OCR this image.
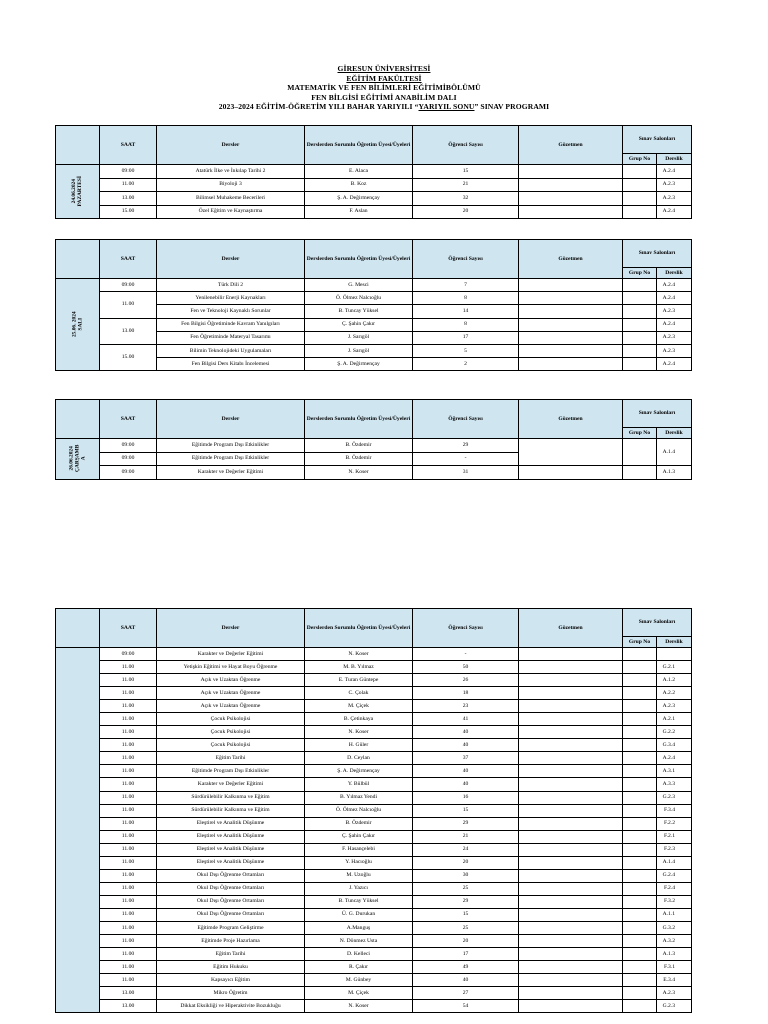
GİRESUN ÜNİVERSİTESİ
EĞİTİM FAKÜLTESİ
MATEMATİK VE FEN BİLİMLERİ EĞİTİMİBÖLÜMÜ
FEN BİLGİSİ EĞİTİMİ ANABİLİM DALI
2023–2024 EĞİTİM-ÖĞRETİM YILI BAHAR YARIYILI “YARIYIL SONU” SINAV PROGRAMI
	SAAT	Dersler	Derslerden Sorumlu Öğretim Üyesi/Üyeleri	Öğrenci Sayısı	Gözetmen	Sınav Salonları	
						Grup No	Derslik
24.06.2024
PAZARTESİ	09:00	Atatürk İlke ve İnkılap Tarihi 2	E. Alaca	15			A.2.4
	11.00	Biyoloji 3	B. Koz	21			A.2.3
	13.00	Bilimsel Muhakeme Becerileri	Ş. A. Değirmençay	32			A.2.3
	15.00	Özel Eğitim ve Kaynaştırma	F. Aslan	20			A.2.4
	SAAT	Dersler	Derslerden Sorumlu Öğretim Üyesi/Üyeleri	Öğrenci Sayısı	Gözetmen	Sınav Salonları	
						Grup No	Derslik
25.06. 2024
SALI	09:00	Türk Dili 2	G. Mesci	7			A.2.4
	11.00	Yenilenebilir Enerji Kaynakları	Ö. Ölmez Nalcıoğlu	8			A.2.4
		Fen ve Teknoloji Kaynaklı Sorunlar	B. Tuncay Yüksel	14			A.2.3
	13.00	Fen Bilgisi Öğretiminde Kavram Yanılgıları	Ç. Şahin Çakır	8			A.2.4
		Fen Öğretiminde Materyal Tasarımı	J. Sarıgöl	17			A.2.3
	15.00	Bilimin Teknolojideki Uygulamaları	J. Sarıgöl	5			A.2.3
		Fen Bilgisi Ders Kitabı İncelemesi	Ş. A. Değirmençay	2			A.2.4
	SAAT	Dersler	Derslerden Sorumlu Öğretim Üyesi/Üyeleri	Öğrenci Sayısı	Gözetmen	Sınav Salonları	
						Grup No	Derslik
26.06.2024
ÇARŞAMB
A	09:00	Eğitimde Program Dışı Etkinlikler	B. Özdemir	29			A.1.4
	09:00	Eğitimde Program Dışı Etkinlikler	B. Özdemir	-			
	09:00	Karakter ve Değerler Eğitimi	N. Koser	31			A.1.3
	SAAT	Dersler	Derslerden Sorumlu Öğretim Üyesi/Üyeleri	Öğrenci Sayısı	Gözetmen	Sınav Salonları	
						Grup No	Derslik
	09:00	Karakter ve Değerler Eğitimi	N. Koser	-			
	11.00	Yetişkin Eğitimi ve Hayat Boyu Öğrenme	M. B. Yılmaz	50			G.2.1
	11.00	Açık ve Uzaktan Öğrenme	E. Turan Güntepe	26			A.1.2
	11.00	Açık ve Uzaktan Öğrenme	C. Çolak	18			A.2.2
	11.00	Açık ve Uzaktan Öğrenme	M. Çiçek	23			A.2.3
	11.00	Çocuk Psikolojisi	B. Çetinkaya	41			A.2.1
	11.00	Çocuk Psikolojisi	N. Koser	40			G.2.2
	11.00	Çocuk Psikolojisi	H. Güler	40			G.3.4
	11.00	Eğitim Tarihi	D. Ceylan	37			A.2.4
	11.00	Eğitimde Program Dışı Etkinlikler	Ş. A. Değirmençay	40			A.3.1
	11.00	Karakter ve Değerler Eğitimi	Y. Bülbül	40			A.3.3
	11.00	Sürdürülebilir Kalkınma ve Eğitim	B. Yılmaz Yendi	16			G.2.3
	11.00	Sürdürülebilir Kalkınma ve Eğitim	Ö. Ölmez Nalcıoğlu	15			F.3.4
	11.00	Eleştirel ve Analitik Düşünme	B. Özdemir	29			F.2.2
	11.00	Eleştirel ve Analitik Düşünme	Ç. Şahin Çakır	21			F.2.1
	11.00	Eleştirel ve Analitik Düşünme	F. Hasançelebi	24			F.2.3
	11.00	Eleştirel ve Analitik Düşünme	Y. Hacıoğlu	20			A.1.4
	11.00	Okul Dışı Öğrenme Ortamları	M. Uzoğlu	30			G.2.4
	11.00	Okul Dışı Öğrenme Ortamları	J. Yazıcı	25			F.2.4
	11.00	Okul Dışı Öğrenme Ortamları	B. Tuncay Yüksel	29			F.3.2
	11.00	Okul Dışı Öğrenme Ortamları	Ü. G. Durukan	15			A.1.1
	11.00	Eğitimde Program Geliştirme	A.Manguş	25			G.3.2
	11.00	Eğitimde Proje Hazırlama	N. Dönmez Usta	20			A.3.2
	11.00	Eğitim Tarihi	D. Kelleci	17			A.1.3
	11.00	Eğitim Hukuku	R. Çakır	49			F.3.1
	11.00	Kapsayıcı Eğitim	M. Günbey	40			E.3.4
	13.00	Mikro Öğretim	M. Çiçek	27			A.2.3
	13.00	Dikkat Eksikliği ve Hiperaktivite Bozukluğu	N. Koser	54			G.2.3
